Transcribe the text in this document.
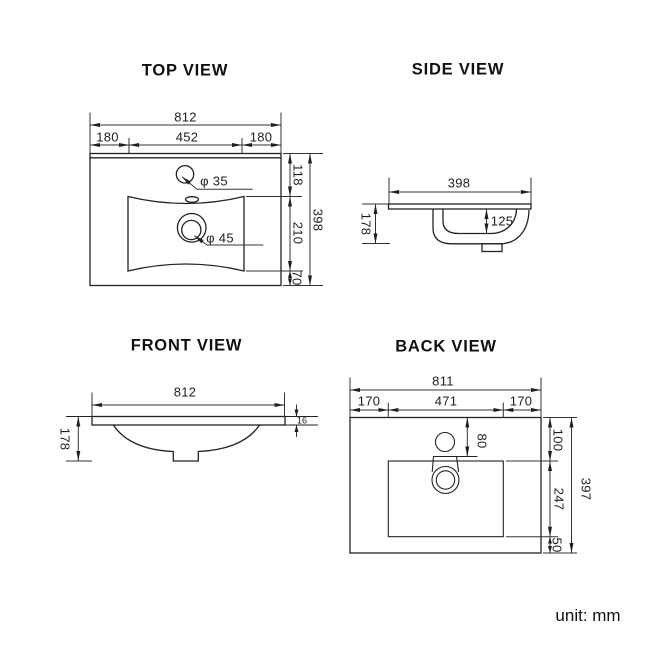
TOP VIEW	SIDE VIEW
FRONT VIEW	BACK VIEW
812
180	452	180
118
210
70
398
φ 35
φ 45
398
178	125
812
178
16
811
170	471	170
80	100
247
50
397
unit: mm
